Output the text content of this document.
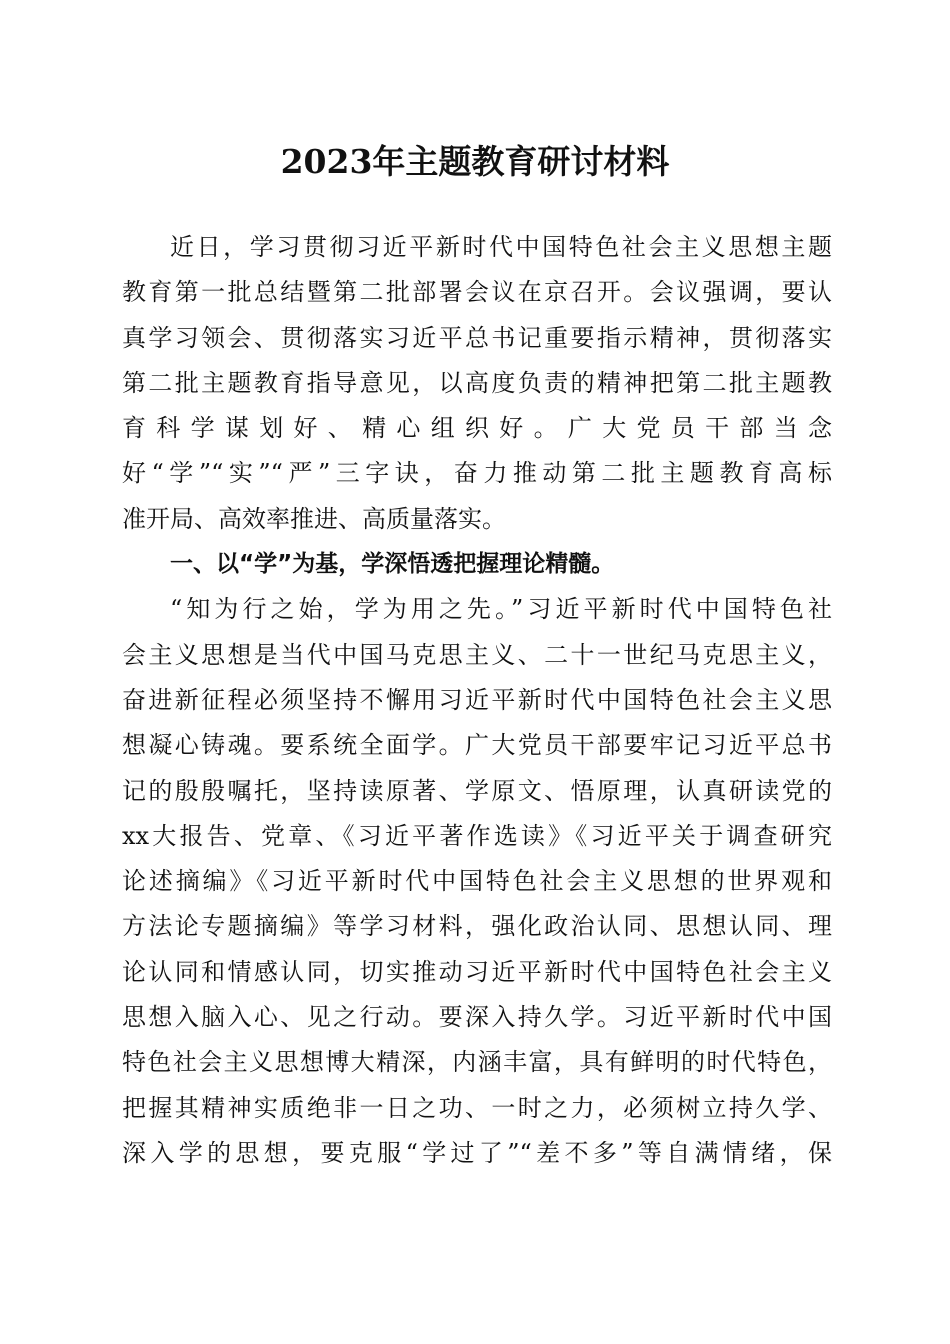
2023年主题教育研讨材料
近日，学习贯彻习近平新时代中国特色社会主义思想主题
教育第一批总结暨第二批部署会议在京召开。会议强调，要认
真学习领会、贯彻落实习近平总书记重要指示精神，贯彻落实
第二批主题教育指导意见，以高度负责的精神把第二批主题教
育科学谋划好、精心组织好。广大党员干部当念
好“学”“实”“严”三字诀，奋力推动第二批主题教育高标
准开局、高效率推进、高质量落实。
一、以“学”为基，学深悟透把握理论精髓。
“知为行之始，学为用之先。”习近平新时代中国特色社
会主义思想是当代中国马克思主义、二十一世纪马克思主义，
奋进新征程必须坚持不懈用习近平新时代中国特色社会主义思
想凝心铸魂。要系统全面学。广大党员干部要牢记习近平总书
记的殷殷嘱托，坚持读原著、学原文、悟原理，认真研读党的
xx大报告、党章、《习近平著作选读》《习近平关于调查研究
论述摘编》《习近平新时代中国特色社会主义思想的世界观和
方法论专题摘编》等学习材料，强化政治认同、思想认同、理
论认同和情感认同，切实推动习近平新时代中国特色社会主义
思想入脑入心、见之行动。要深入持久学。习近平新时代中国
特色社会主义思想博大精深，内涵丰富，具有鲜明的时代特色，
把握其精神实质绝非一日之功、一时之力，必须树立持久学、
深入学的思想，要克服“学过了”“差不多”等自满情绪，保
